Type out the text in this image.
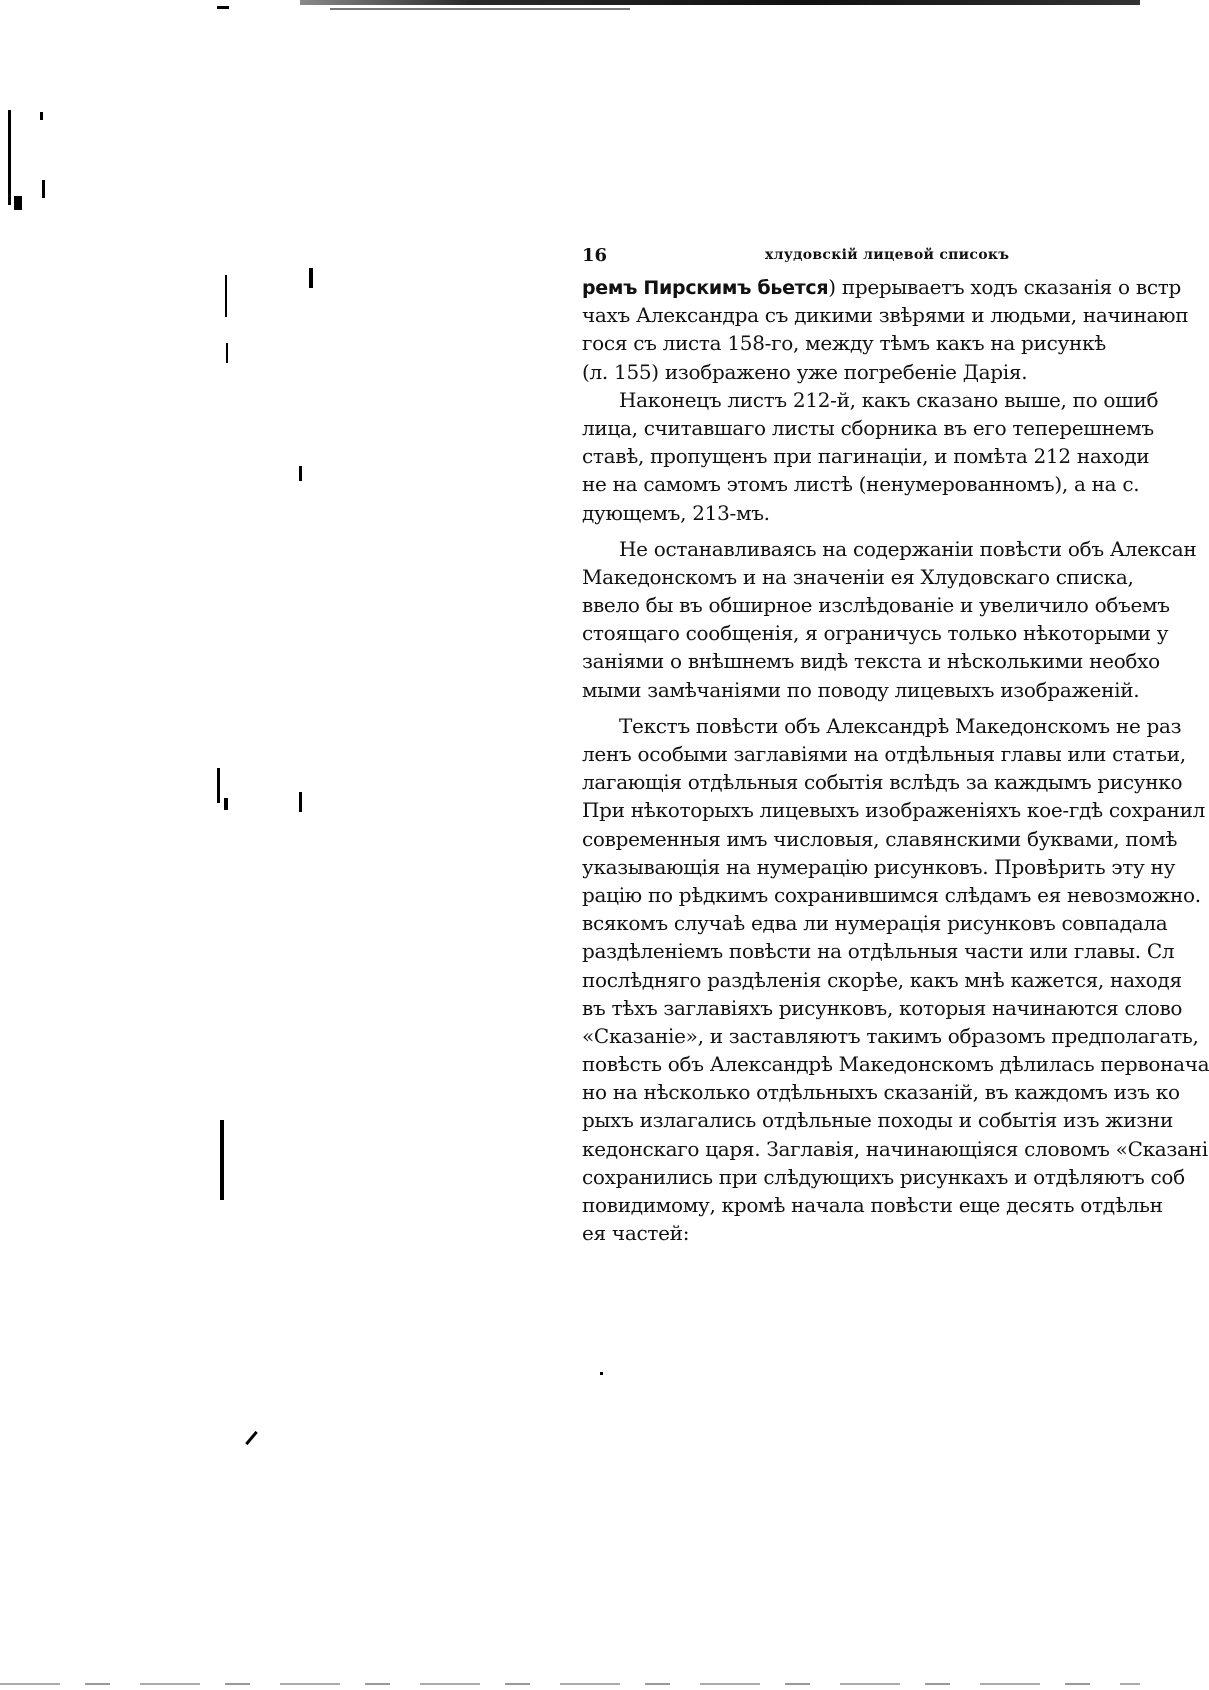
16	хлудовскій лицевой списокъ
ремъ Пирскимъ бьется) прерываетъ ходъ сказанія о встр
чахъ Александра съ дикими звѣрями и людьми, начинаюп
гося съ листа 158-го, между тѣмъ какъ на рисункѣ
(л. 155) изображено уже погребеніе Дарія.
Наконецъ листъ 212-й, какъ сказано выше, по ошиб
лица, считавшаго листы сборника въ его теперешнемъ
ставѣ, пропущенъ при пагинаціи, и помѣта 212 находи
не на самомъ этомъ листѣ (ненумерованномъ), а на с.
дующемъ, 213-мъ.
Не останавливаясь на содержаніи повѣсти объ Алексан
Македонскомъ и на значеніи ея Хлудовскаго списка,
ввело бы въ обширное изслѣдованіе и увеличило объемъ
стоящаго сообщенія, я ограничусь только нѣкоторыми у
заніями о внѣшнемъ видѣ текста и нѣсколькими необхо
мыми замѣчаніями по поводу лицевыхъ изображеній.
Текстъ повѣсти объ Александрѣ Македонскомъ не раз
ленъ особыми заглавіями на отдѣльныя главы или статьи,
лагающія отдѣльныя событія вслѣдъ за каждымъ рисунко
При нѣкоторыхъ лицевыхъ изображеніяхъ кое-гдѣ сохранил
современныя имъ числовыя, славянскими буквами, помѣ
указывающія на нумерацію рисунковъ. Провѣрить эту ну
рацію по рѣдкимъ сохранившимся слѣдамъ ея невозможно.
всякомъ случаѣ едва ли нумерація рисунковъ совпадала
раздѣленіемъ повѣсти на отдѣльныя части или главы. Сл
послѣдняго раздѣленія скорѣе, какъ мнѣ кажется, находя
въ тѣхъ заглавіяхъ рисунковъ, которыя начинаются слово
«Сказаніе», и заставляютъ такимъ образомъ предполагать,
повѣсть объ Александрѣ Македонскомъ дѣлилась первонача
но на нѣсколько отдѣльныхъ сказаній, въ каждомъ изъ ко
рыхъ излагались отдѣльные походы и событія изъ жизни
кедонскаго царя. Заглавія, начинающіяся словомъ «Сказані
сохранились при слѣдующихъ рисункахъ и отдѣляютъ соб
повидимому, кромѣ начала повѣсти еще десять отдѣльн
ея частей:
